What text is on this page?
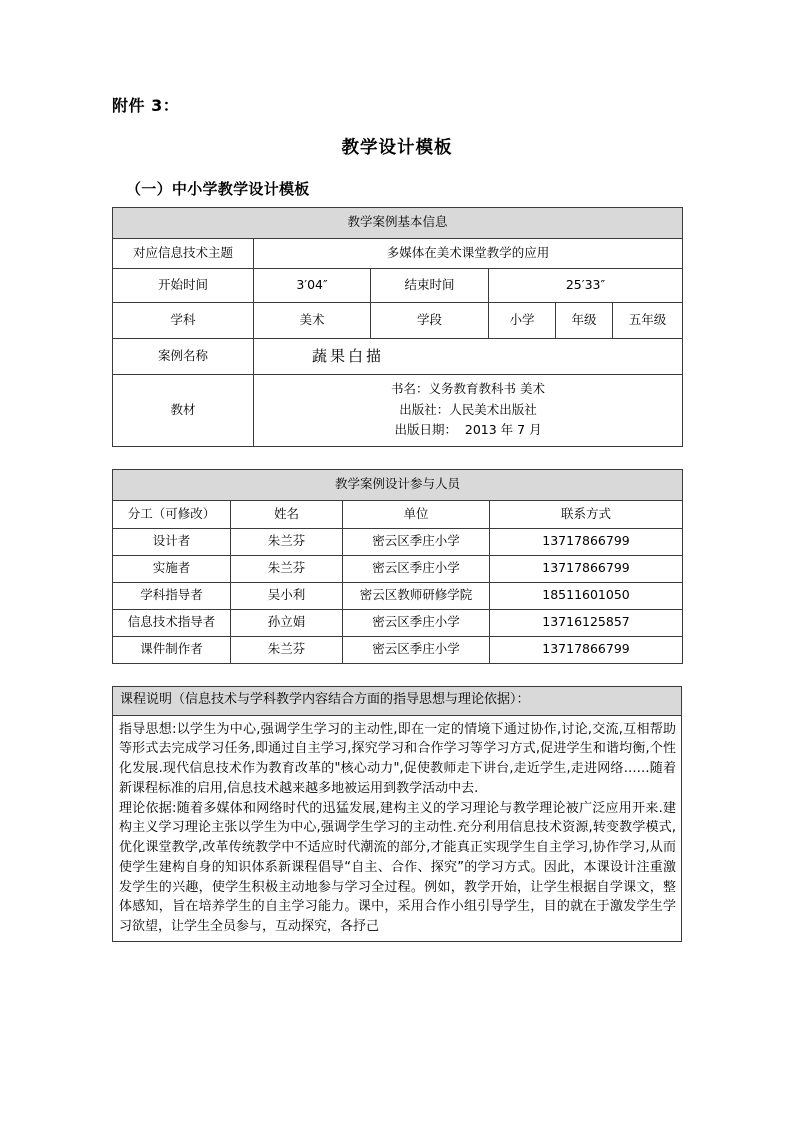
附件 3：
教学设计模板
（一）中小学教学设计模板
教学案例基本信息					
对应信息技术主题	多媒体在美术课堂教学的应用				
开始时间	3′04″	结束时间	25′33″		
学科	美术	学段	小学	年级	五年级
案例名称	蔬果白描				
教材	书名：义务教育教科书 美术
出版社：人民美术出版社
出版日期：  2013 年 7 月				
教学案例设计参与人员			
分工（可修改）	姓名	单位	联系方式
设计者	朱兰芬	密云区季庄小学	13717866799
实施者	朱兰芬	密云区季庄小学	13717866799
学科指导者	吴小利	密云区教师研修学院	18511601050
信息技术指导者	孙立娟	密云区季庄小学	13716125857
课件制作者	朱兰芬	密云区季庄小学	13717866799
课程说明（信息技术与学科教学内容结合方面的指导思想与理论依据）：

指导思想:以学生为中心,强调学生学习的主动性,即在一定的情境下通过协作,讨论,交流,互相帮助等形式去完成学习任务,即通过自主学习,探究学习和合作学习等学习方式,促进学生和谐均衡,个性化发展.现代信息技术作为教育改革的"核心动力",促使教师走下讲台,走近学生,走进网络……随着新课程标准的启用,信息技术越来越多地被运用到教学活动中去.

理论依据:随着多媒体和网络时代的迅猛发展,建构主义的学习理论与教学理论被广泛应用开来.建构主义学习理论主张以学生为中心,强调学生学习的主动性.充分利用信息技术资源,转变教学模式,优化课堂教学,改革传统教学中不适应时代潮流的部分,才能真正实现学生自主学习,协作学习,从而使学生建构自身的知识体系新课程倡导“自主、合作、探究”的学习方式。因此，本课设计注重激发学生的兴趣，使学生积极主动地参与学习全过程。例如，教学开始，让学生根据自学课文，整体感知，旨在培养学生的自主学习能力。课中，采用合作小组引导学生，目的就在于激发学生学习欲望，让学生全员参与，互动探究，各抒己
